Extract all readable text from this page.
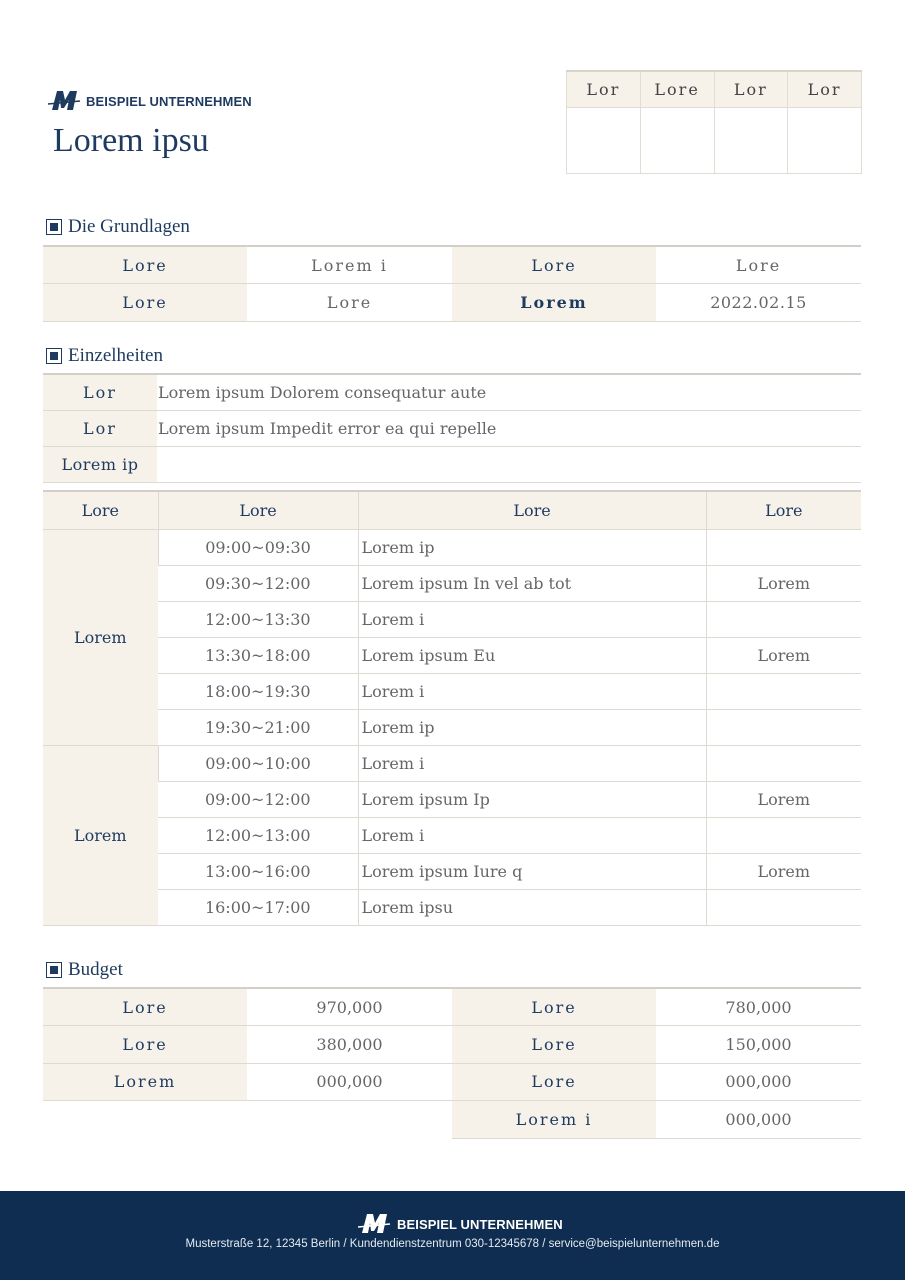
BEISPIEL UNTERNEHMEN
Lorem ipsu
Lor	Lore	Lor	Lor

Die Grundlagen
Lore	Lorem i	Lore	Lore
Lore	Lore	Lorem	2022.02.15
Einzelheiten
Lor	Lorem ipsum Dolorem consequatur aute
Lor	Lorem ipsum Impedit error ea qui repelle
Lorem ip	
Lore	Lore	Lore	Lore
Lorem	09:00~09:30	Lorem ip	
	09:30~12:00	Lorem ipsum In vel ab tot	Lorem
	12:00~13:30	Lorem i	
	13:30~18:00	Lorem ipsum Eu	Lorem
	18:00~19:30	Lorem i	
	19:30~21:00	Lorem ip	
Lorem	09:00~10:00	Lorem i	
	09:00~12:00	Lorem ipsum Ip	Lorem
	12:00~13:00	Lorem i	
	13:00~16:00	Lorem ipsum Iure q	Lorem
	16:00~17:00	Lorem ipsu	
Budget
Lore	970,000	Lore	780,000
Lore	380,000	Lore	150,000
Lorem	000,000	Lore	000,000
		Lorem i	000,000
BEISPIEL UNTERNEHMEN
Musterstraße 12, 12345 Berlin / Kundendienstzentrum 030-12345678 / service@beispielunternehmen.de
